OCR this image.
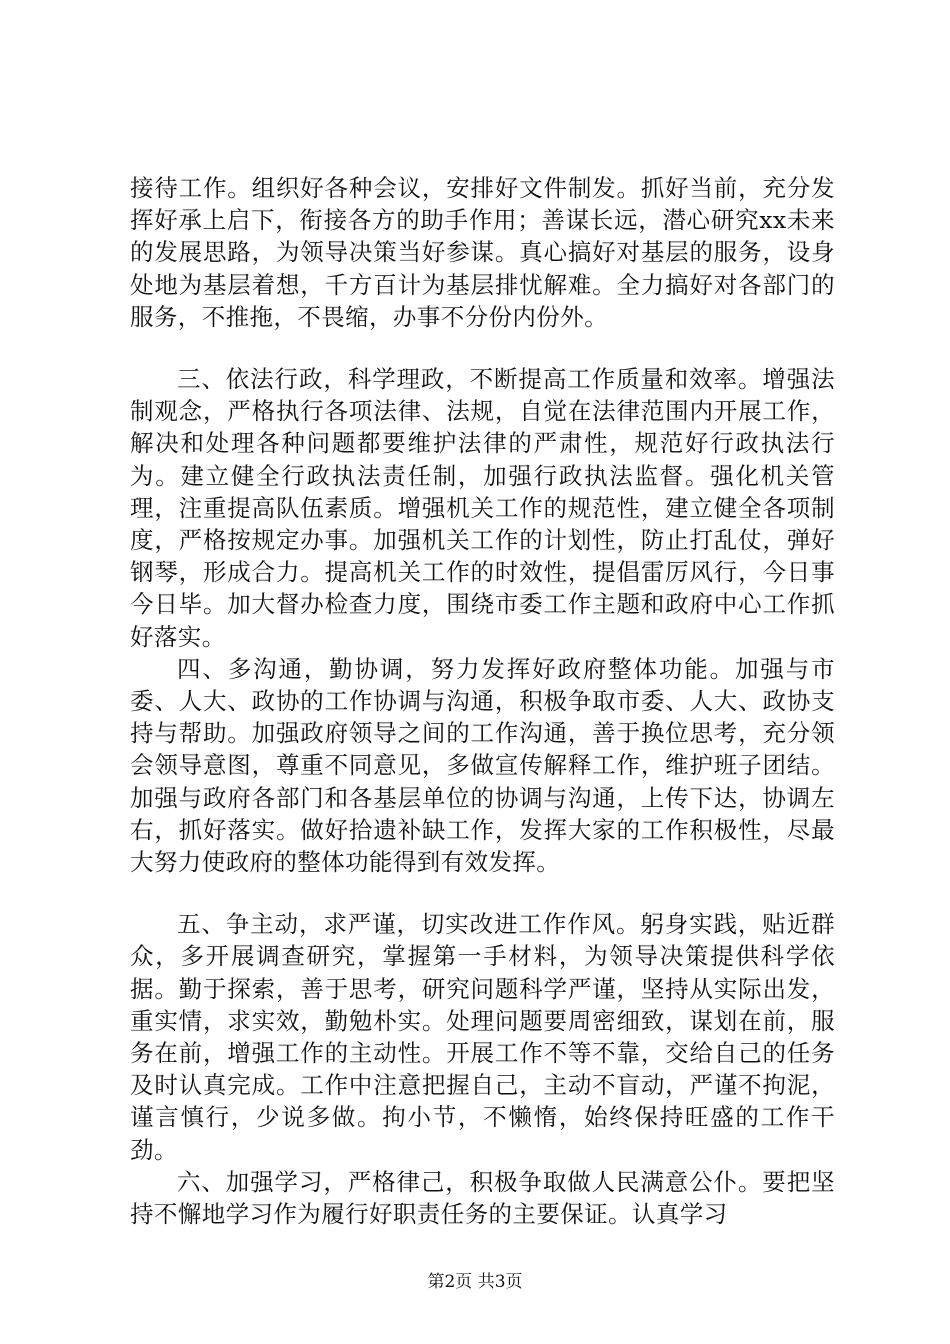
接待工作。组织好各种会议，安排好文件制发。抓好当前，充分发挥好承上启下，衔接各方的助手作用；善谋长远，潜心研究xx未来的发展思路，为领导决策当好参谋。真心搞好对基层的服务，设身处地为基层着想，千方百计为基层排忧解难。全力搞好对各部门的服务，不推拖，不畏缩，办事不分份内份外。

三、依法行政，科学理政，不断提高工作质量和效率。增强法制观念，严格执行各项法律、法规，自觉在法律范围内开展工作，解决和处理各种问题都要维护法律的严肃性，规范好行政执法行为。建立健全行政执法责任制，加强行政执法监督。强化机关管理，注重提高队伍素质。增强机关工作的规范性，建立健全各项制度，严格按规定办事。加强机关工作的计划性，防止打乱仗，弹好钢琴，形成合力。提高机关工作的时效性，提倡雷厉风行，今日事今日毕。加大督办检查力度，围绕市委工作主题和政府中心工作抓好落实。

四、多沟通，勤协调，努力发挥好政府整体功能。加强与市委、人大、政协的工作协调与沟通，积极争取市委、人大、政协支持与帮助。加强政府领导之间的工作沟通，善于换位思考，充分领会领导意图，尊重不同意见，多做宣传解释工作，维护班子团结。加强与政府各部门和各基层单位的协调与沟通，上传下达，协调左右，抓好落实。做好拾遗补缺工作，发挥大家的工作积极性，尽最大努力使政府的整体功能得到有效发挥。

五、争主动，求严谨，切实改进工作作风。躬身实践，贴近群众，多开展调查研究，掌握第一手材料，为领导决策提供科学依据。勤于探索，善于思考，研究问题科学严谨，坚持从实际出发，重实情，求实效，勤勉朴实。处理问题要周密细致，谋划在前，服务在前，增强工作的主动性。开展工作不等不靠，交给自己的任务及时认真完成。工作中注意把握自己，主动不盲动，严谨不拘泥，谨言慎行，少说多做。拘小节，不懒惰，始终保持旺盛的工作干劲。

六、加强学习，严格律己，积极争取做人民满意公仆。要把坚持不懈地学习作为履行好职责任务的主要保证。认真学习

第2页 共3页
